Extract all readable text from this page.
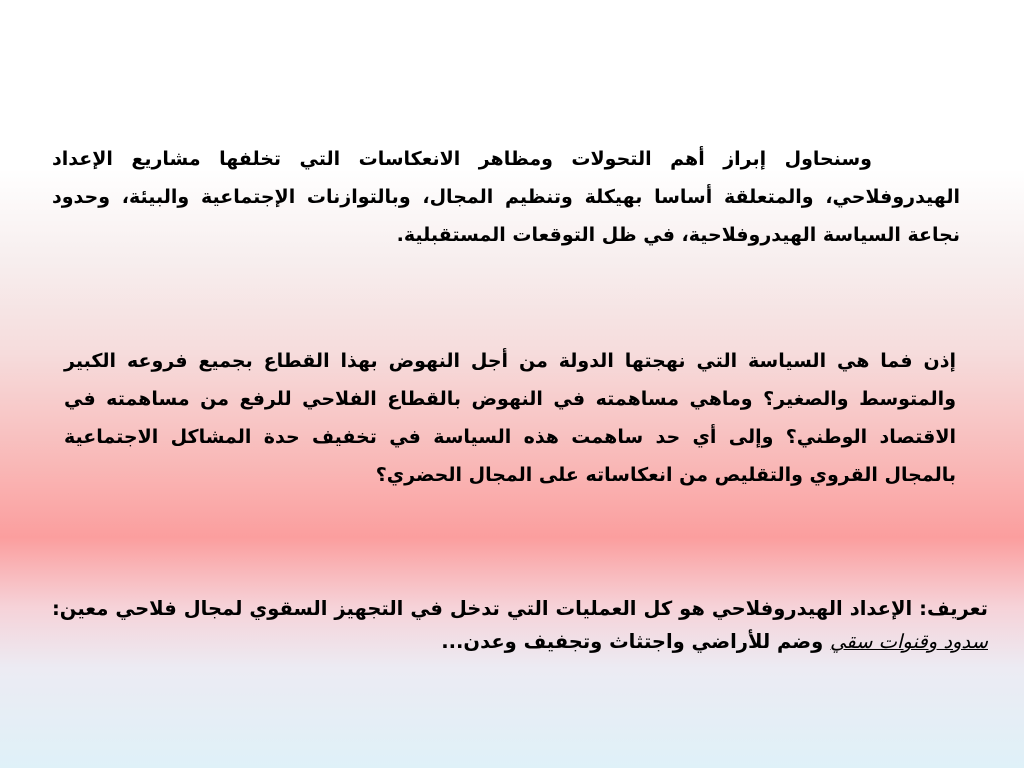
وسنحاول إبراز أهم التحولات ومظاهر الانعكاسات التي تخلفها مشاريع الإعداد الهيدروفلاحي، والمتعلقة أساسا بهيكلة وتنظيم المجال، وبالتوازنات الإجتماعية والبيئة، وحدود نجاعة السياسة الهيدروفلاحية، في ظل التوقعات المستقبلية.

إذن فما هي السياسة التي نهجتها الدولة من أجل النهوض بهذا القطاع بجميع فروعه الكبير والمتوسط والصغير؟ وماهي مساهمته في النهوض بالقطاع الفلاحي للرفع من مساهمته في الاقتصاد الوطني؟ وإلى أي حد ساهمت هذه السياسة في تخفيف حدة المشاكل الاجتماعية بالمجال القروي والتقليص من انعكاساته على المجال الحضري؟

تعريف: الإعداد الهيدروفلاحي هو كل العمليات التي تدخل في التجهيز السقوي لمجال فلاحي معين: سدود وقنوات سقي وضم للأراضي واجتثاث وتجفيف وعدن...
